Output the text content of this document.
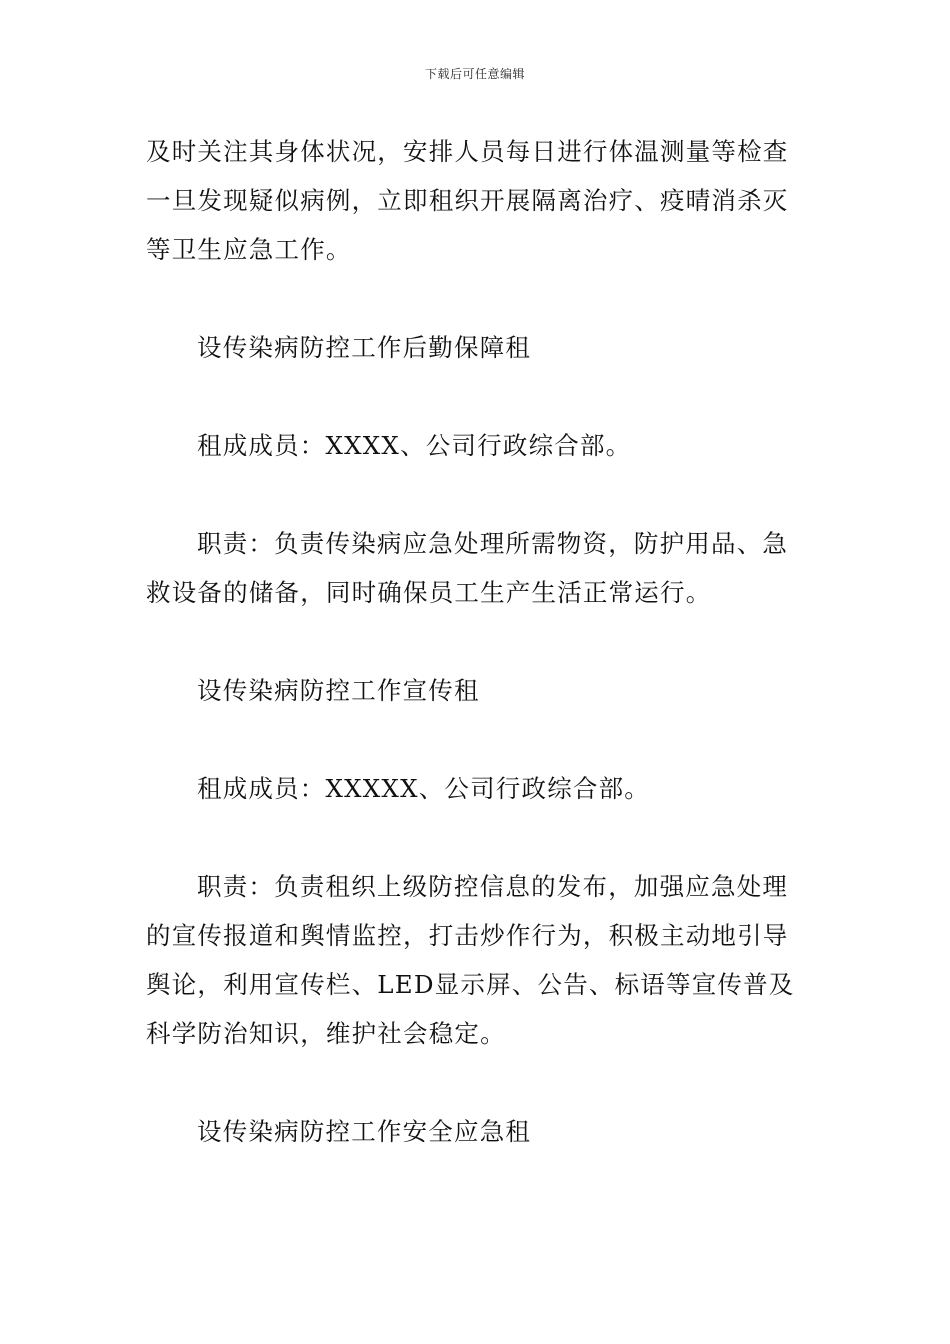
下载后可任意编辑

及时关注其身体状况，安排人员每日进行体温测量等检查一旦发现疑似病例，立即租织开展隔离治疗、疫晴消杀灭等卫生应急工作。

设传染病防控工作后勤保障租

租成成员：XXXX、公司行政综合部。

职责：负责传染病应急处理所需物资，防护用品、急救设备的储备，同时确保员工生产生活正常运行。

设传染病防控工作宣传租

租成成员：XXXXX、公司行政综合部。

职责：负责租织上级防控信息的发布，加强应急处理的宣传报道和舆情监控，打击炒作行为，积极主动地引导舆论，利用宣传栏、LED显示屏、公告、标语等宣传普及科学防治知识，维护社会稳定。

设传染病防控工作安全应急租
